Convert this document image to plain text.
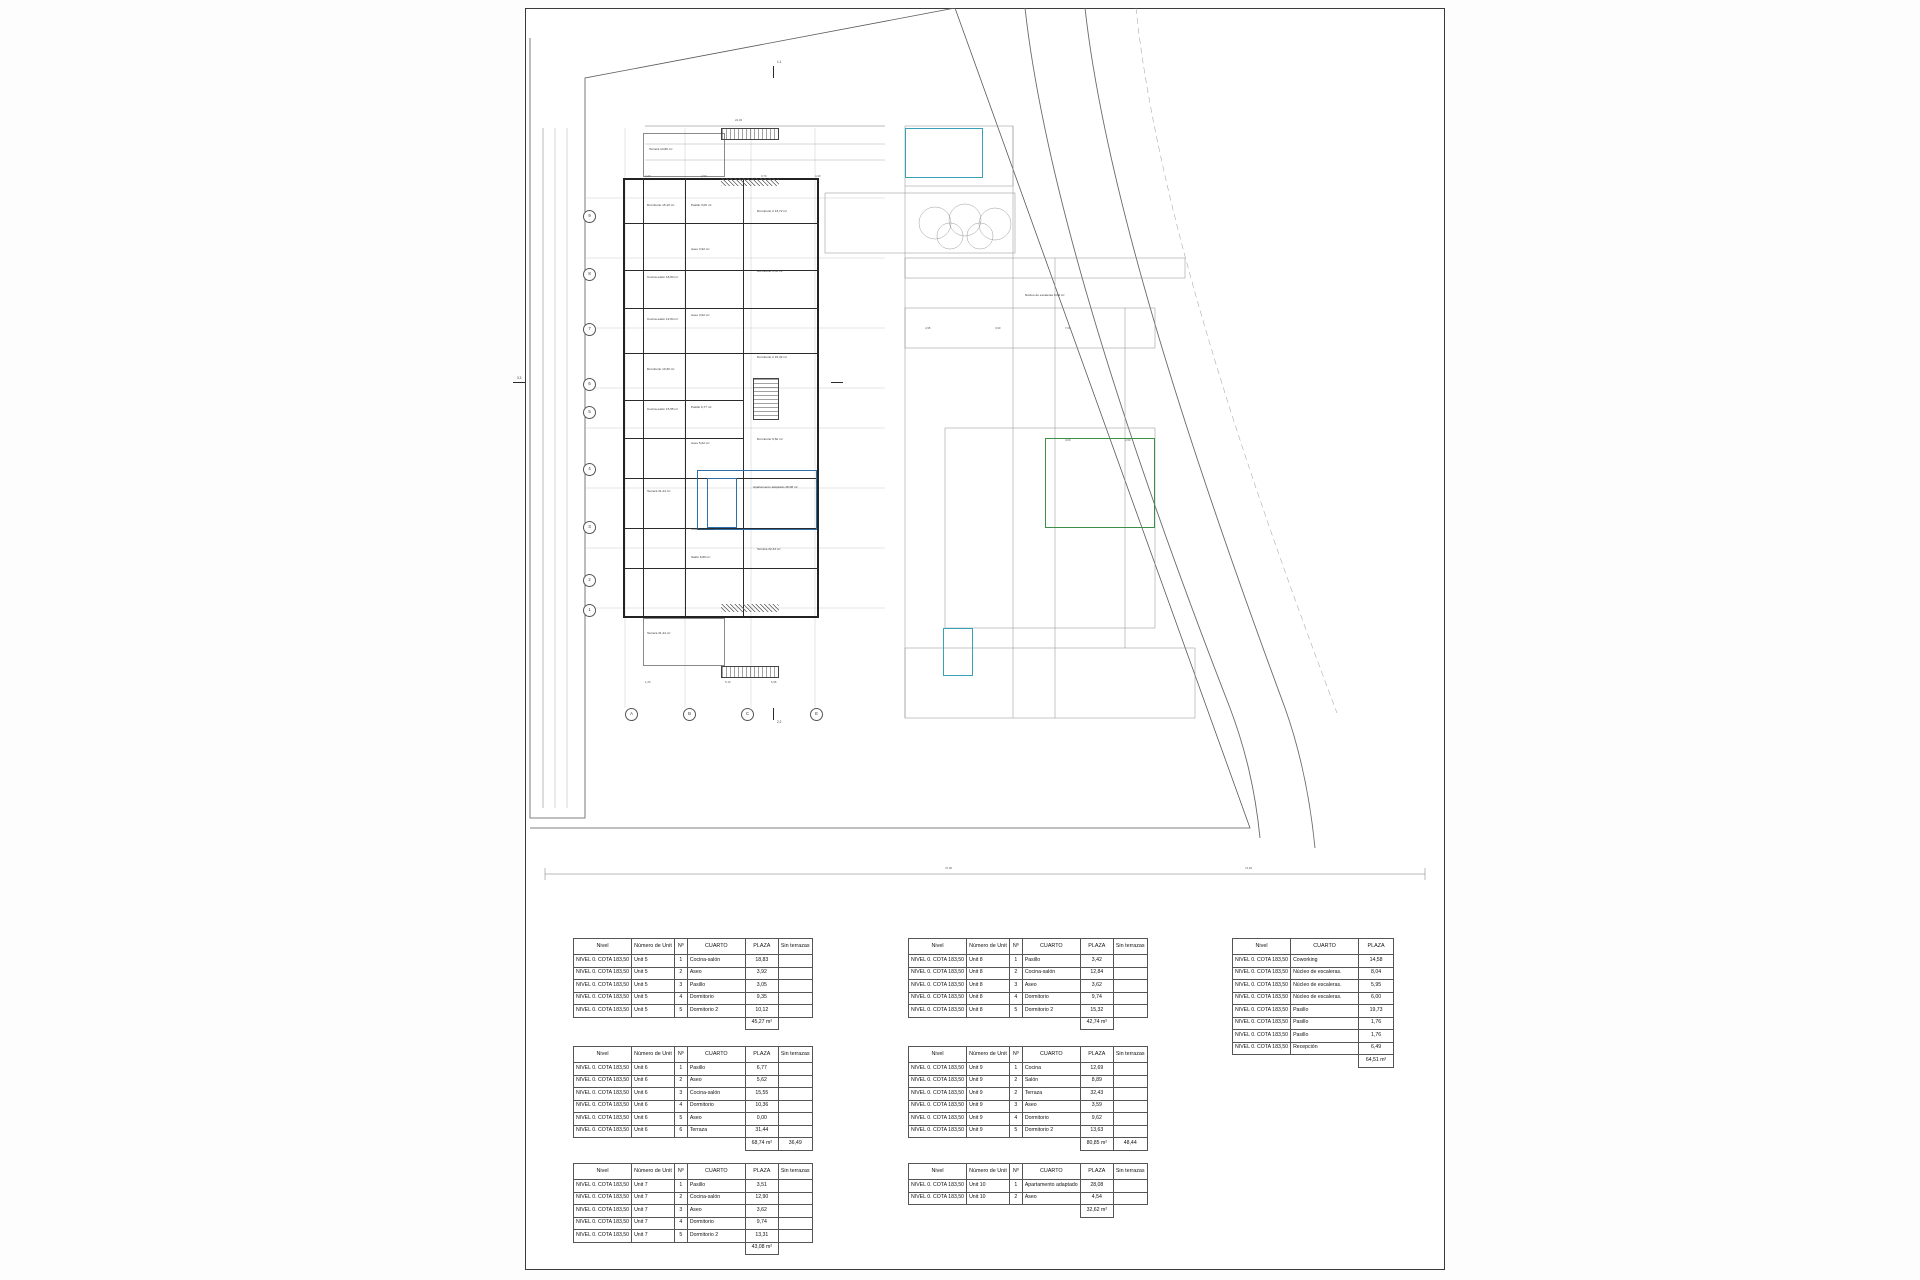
A	B	C	E
1
2
3
4
5
6
7
8
9
1.1
2.2
3.3
Terraza 13,80 m²
Dormitorio 15,10 m²	Pasillo 3,05 m²
Dormitorio 2 13,72 m²
Aseo 3,92 m²
Cocina-salón 18,83 m²
Dormitorio 9,35 m²
Cocina-salón 12,84 m²
Aseo 3,62 m²
Dormitorio 2 15,32 m²
Dormitorio 10,36 m²
Cocina-salón 15,55 m²	Pasillo 6,77 m²
Aseo 5,62 m²
Terraza 31,44 m²
Cocina 12,69 m²
Salón 8,89 m²
Terraza 32,43 m²
Dormitorio 9,62 m²
Apartamento adaptado 28,08 m²
Terraza 31,44 m²
Núcleo de escaleras 8,04 m²
24,30
4,20	2,50	3,70	4,40
1,20	5,10	6,95
4,95	3,90	7,00
3,00	2,60
47,00	74,40
Nivel	Número de Unit	Nº	CUARTO	PLAZA	Sin terrazas
NIVEL 0. COTA 183,50	Unit 5	1	Cocina-salón	18,83	
NIVEL 0. COTA 183,50	Unit 5	2	Aseo	3,92	
NIVEL 0. COTA 183,50	Unit 5	3	Pasillo	3,05	
NIVEL 0. COTA 183,50	Unit 5	4	Dormitorio	9,35	
NIVEL 0. COTA 183,50	Unit 5	5	Dormitorio 2	10,12	
				45,27 m²	
Nivel	Número de Unit	Nº	CUARTO	PLAZA	Sin terrazas
NIVEL 0. COTA 183,50	Unit 6	1	Pasillo	6,77	
NIVEL 0. COTA 183,50	Unit 6	2	Aseo	5,62	
NIVEL 0. COTA 183,50	Unit 6	3	Cocina-salón	15,55	
NIVEL 0. COTA 183,50	Unit 6	4	Dormitorio	10,36	
NIVEL 0. COTA 183,50	Unit 6	5	Aseo	0,00	
NIVEL 0. COTA 183,50	Unit 6	6	Terraza	31,44	
				68,74 m²	36,49
Nivel	Número de Unit	Nº	CUARTO	PLAZA	Sin terrazas
NIVEL 0. COTA 183,50	Unit 7	1	Pasillo	3,51	
NIVEL 0. COTA 183,50	Unit 7	2	Cocina-salón	12,90	
NIVEL 0. COTA 183,50	Unit 7	3	Aseo	3,62	
NIVEL 0. COTA 183,50	Unit 7	4	Dormitorio	9,74	
NIVEL 0. COTA 183,50	Unit 7	5	Dormitorio 2	13,31	
				43,08 m²	
Nivel	Número de Unit	Nº	CUARTO	PLAZA	Sin terrazas
NIVEL 0. COTA 183,50	Unit 8	1	Pasillo	3,42	
NIVEL 0. COTA 183,50	Unit 8	2	Cocina-salón	12,84	
NIVEL 0. COTA 183,50	Unit 8	3	Aseo	3,62	
NIVEL 0. COTA 183,50	Unit 8	4	Dormitorio	9,74	
NIVEL 0. COTA 183,50	Unit 8	5	Dormitorio 2	15,32	
				42,74 m²	
Nivel	Número de Unit	Nº	CUARTO	PLAZA	Sin terrazas
NIVEL 0. COTA 183,50	Unit 9	1	Cocina	12,69	
NIVEL 0. COTA 183,50	Unit 9	2	Salón	8,89	
NIVEL 0. COTA 183,50	Unit 9	2	Terraza	32,43	
NIVEL 0. COTA 183,50	Unit 9	3	Aseo	3,59	
NIVEL 0. COTA 183,50	Unit 9	4	Dormitorio	9,62	
NIVEL 0. COTA 183,50	Unit 9	5	Dormitorio 2	13,63	
				80,85 m²	48,44
Nivel	Número de Unit	Nº	CUARTO	PLAZA	Sin terrazas
NIVEL 0. COTA 183,50	Unit 10	1	Apartamento adaptado	28,08	
NIVEL 0. COTA 183,50	Unit 10	2	Aseo	4,54	
				32,62 m²	
Nivel	CUARTO	PLAZA
NIVEL 0. COTA 183,50	Coworking	14,58
NIVEL 0. COTA 183,50	Núcleo de escaleras.	8,04
NIVEL 0. COTA 183,50	Núcleo de escaleras.	5,95
NIVEL 0. COTA 183,50	Núcleo de escaleras.	6,00
NIVEL 0. COTA 183,50	Pasillo	19,73
NIVEL 0. COTA 183,50	Pasillo	1,76
NIVEL 0. COTA 183,50	Pasillo	1,76
NIVEL 0. COTA 183,50	Recepción	6,49
		64,51 m²
